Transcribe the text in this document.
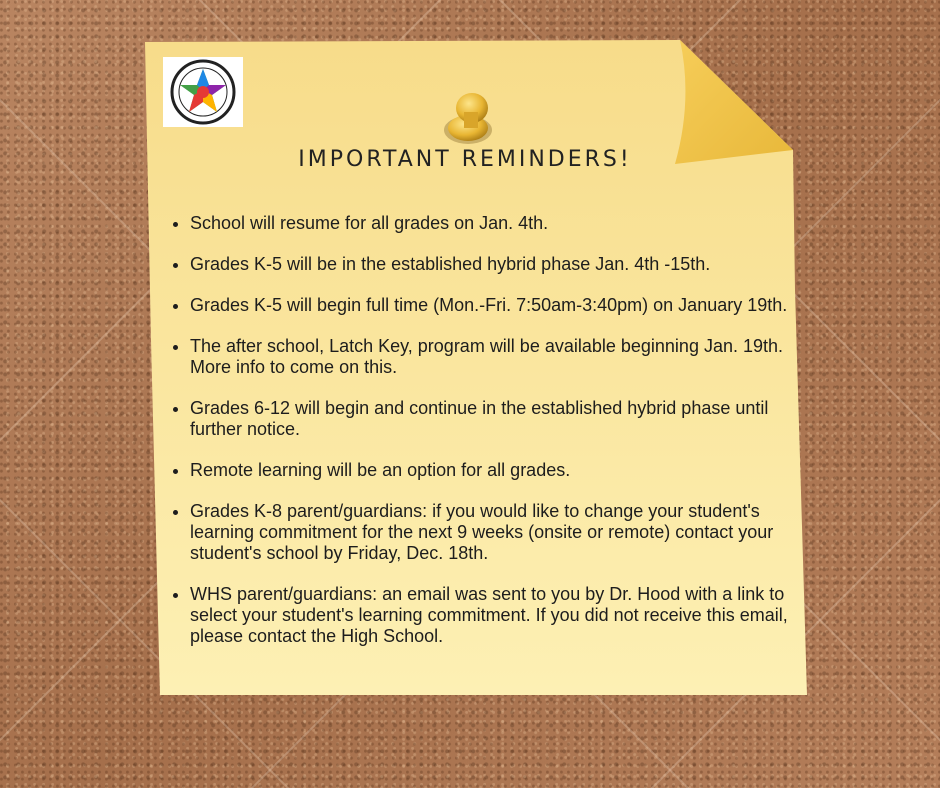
IMPORTANT REMINDERS!
• School will resume for all grades on Jan. 4th.
• Grades K-5 will be in the established hybrid phase Jan. 4th -15th.
• Grades K-5 will begin full time (Mon.-Fri. 7:50am-3:40pm) on January 19th.
• The after school, Latch Key, program will be available beginning Jan. 19th. More info to come on this.
• Grades 6-12 will begin and continue in the established hybrid phase until further notice.
• Remote learning will be an option for all grades.
• Grades K-8 parent/guardians: if you would like to change your student's learning commitment for the next 9 weeks (onsite or remote) contact your student's school by Friday, Dec. 18th.
• WHS parent/guardians: an email was sent to you by Dr. Hood with a link to select your student's learning commitment. If you did not receive this email, please contact the High School.
